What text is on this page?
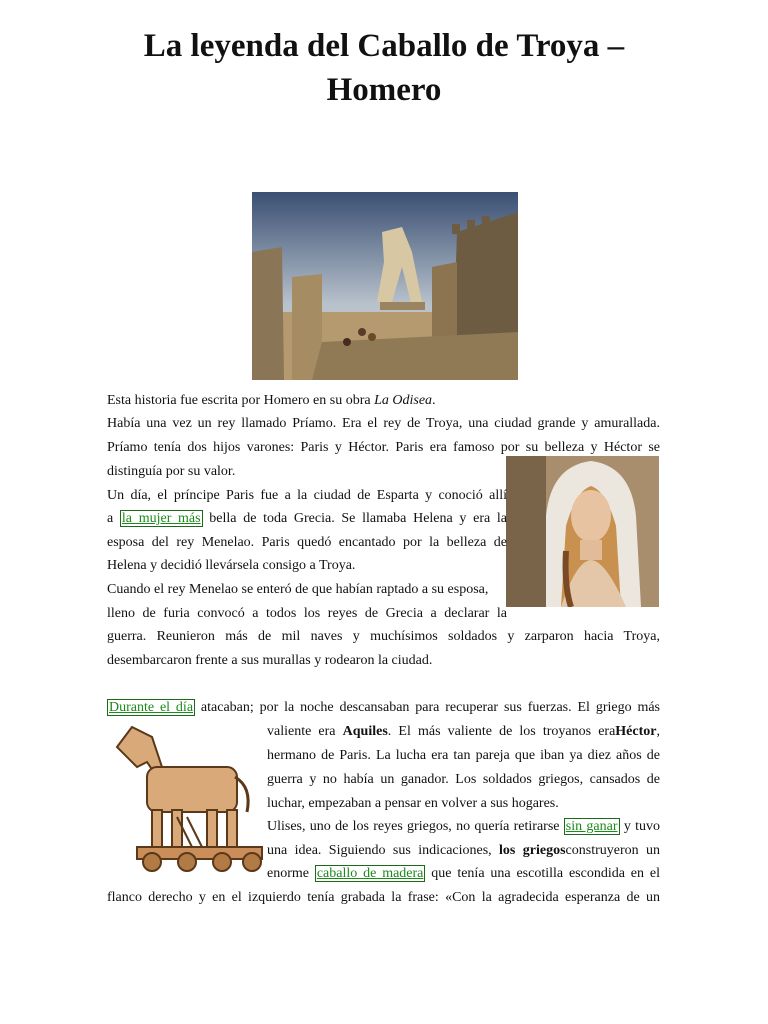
La leyenda del Caballo de Troya –
Homero
Esta historia fue escrita por Homero en su obra La Odisea.
Había una vez un rey llamado Príamo. Era el rey de Troya, una ciudad grande y amurallada.
Príamo tenía dos hijos varones: Paris y Héctor. Paris era famoso por su belleza y Héctor se
distinguía por su valor.
Un día, el príncipe Paris fue a la ciudad de Esparta y conoció allí
a la mujer más bella de toda Grecia. Se llamaba Helena y era la
esposa del rey Menelao. Paris quedó encantado por la belleza de
Helena y decidió llevársela consigo a Troya.
Cuando el rey Menelao se enteró de que habían raptado a su esposa,
lleno de furia convocó a todos los reyes de Grecia a declarar la
guerra. Reunieron más de mil naves y muchísimos soldados y zarparon hacia Troya,
desembarcaron frente a sus murallas y rodearon la ciudad.
Durante el día atacaban; por la noche descansaban para recuperar sus fuerzas. El griego más
valiente era Aquiles. El más valiente de los troyanos eraHéctor,
hermano de Paris. La lucha era tan pareja que iban ya diez años de
guerra y no había un ganador. Los soldados griegos, cansados de
luchar, empezaban a pensar en volver a sus hogares.
Ulises, uno de los reyes griegos, no quería retirarse sin ganar y tuvo
una idea. Siguiendo sus indicaciones, los griegosconstruyeron un
enorme caballo de madera que tenía una escotilla escondida en el
flanco derecho y en el izquierdo tenía grabada la frase: «Con la agradecida esperanza de un
